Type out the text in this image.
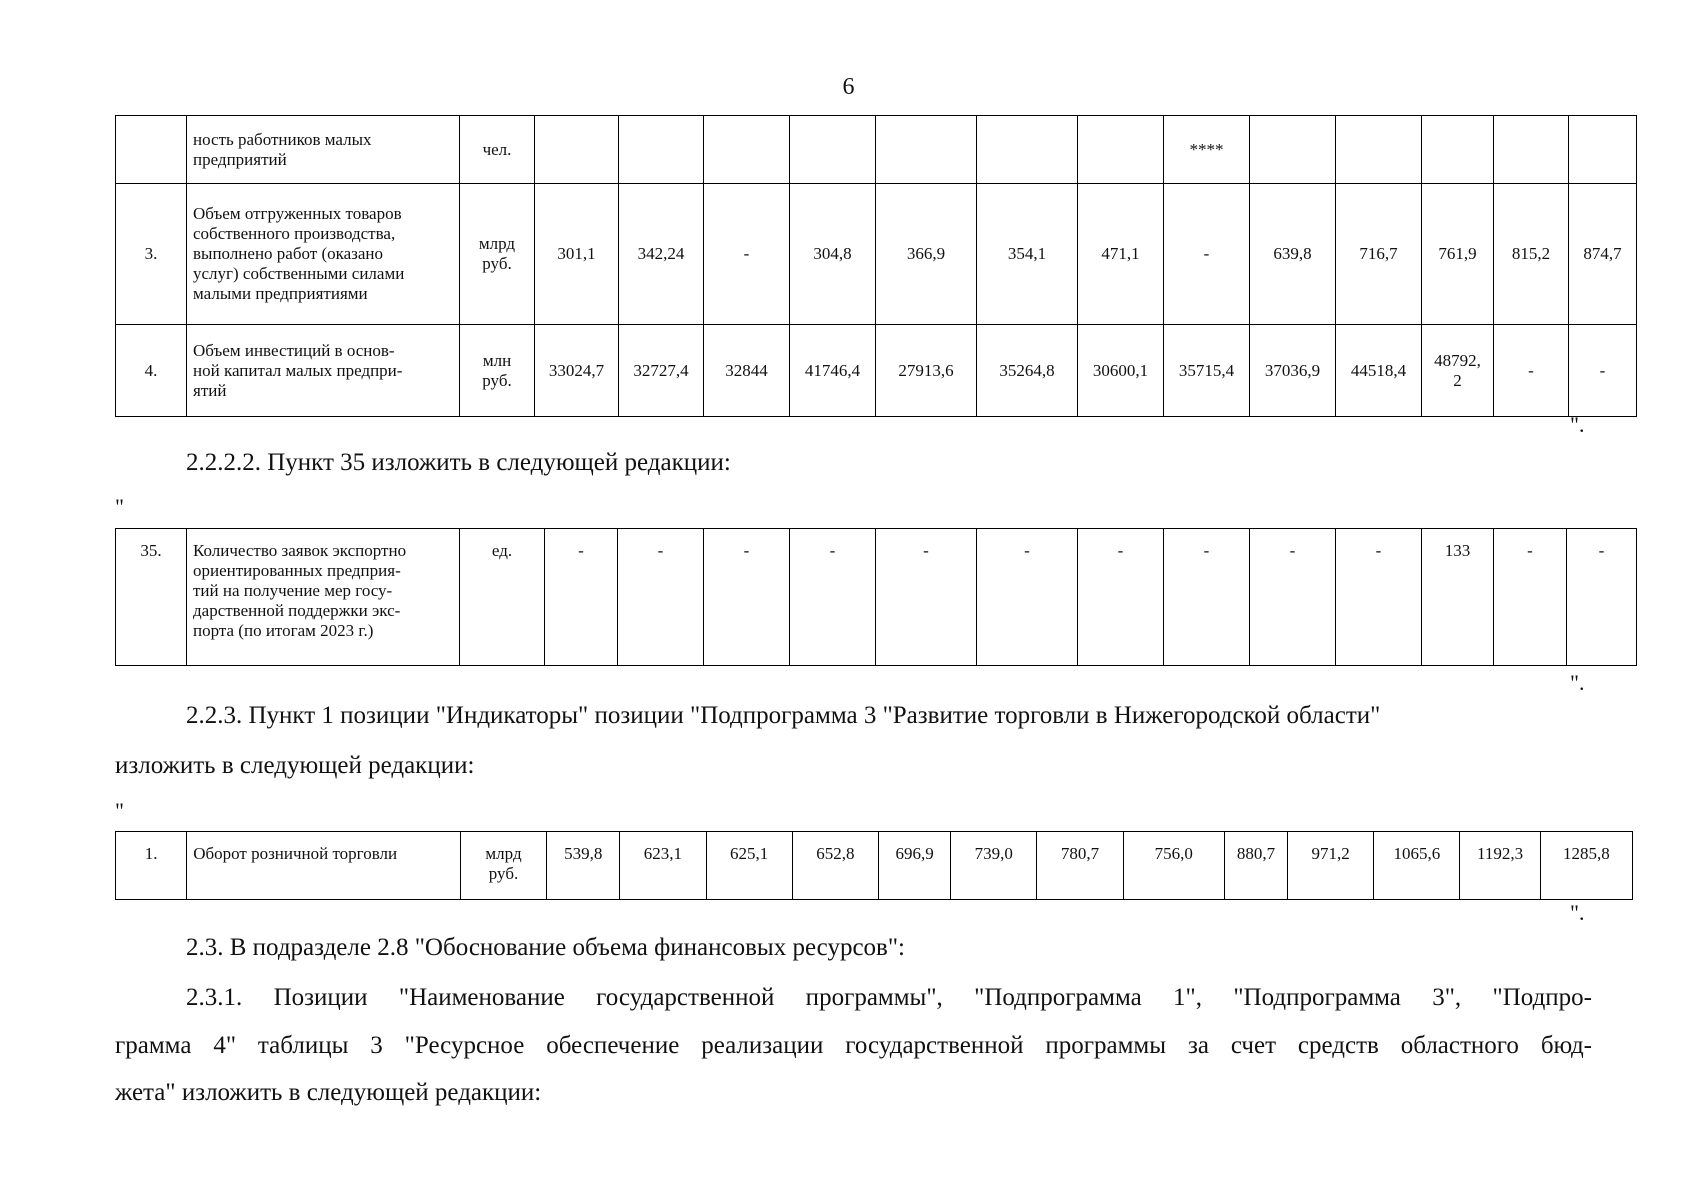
6
	ность работников малых
предприятий	чел.								****					
3.	Объем отгруженных товаров
собственного производства,
выполнено работ (оказано
услуг) собственными силами
малыми предприятиями	млрд
руб.	301,1	342,24	-	304,8	366,9	354,1	471,1	-	639,8	716,7	761,9	815,2	874,7
4.	Объем инвестиций в основ-
ной капитал малых предпри-
ятий	млн
руб.	33024,7	32727,4	32844	41746,4	27913,6	35264,8	30600,1	35715,4	37036,9	44518,4	48792,
2	-	-
".
2.2.2.2. Пункт 35 изложить в следующей редакции:
"
35.	Количество заявок экспортно
ориентированных предприя-
тий на получение мер госу-
дарственной поддержки экс-
порта (по итогам 2023 г.)	ед.	-	-	-	-	-	-	-	-	-	-	133	-	-
".
2.2.3. Пункт 1 позиции "Индикаторы" позиции "Подпрограмма 3 "Развитие торговли в Нижегородской области"
изложить в следующей редакции:
"
1.	Оборот розничной торговли	млрд
руб.	539,8	623,1	625,1	652,8	696,9	739,0	780,7	756,0	880,7	971,2	1065,6	1192,3	1285,8
".
2.3. В подразделе 2.8 "Обоснование объема финансовых ресурсов":
2.3.1. Позиции "Наименование государственной программы", "Подпрограмма 1", "Подпрограмма 3", "Подпро-
грамма 4" таблицы 3 "Ресурсное обеспечение реализации государственной программы за счет средств областного бюд-
жета" изложить в следующей редакции:
